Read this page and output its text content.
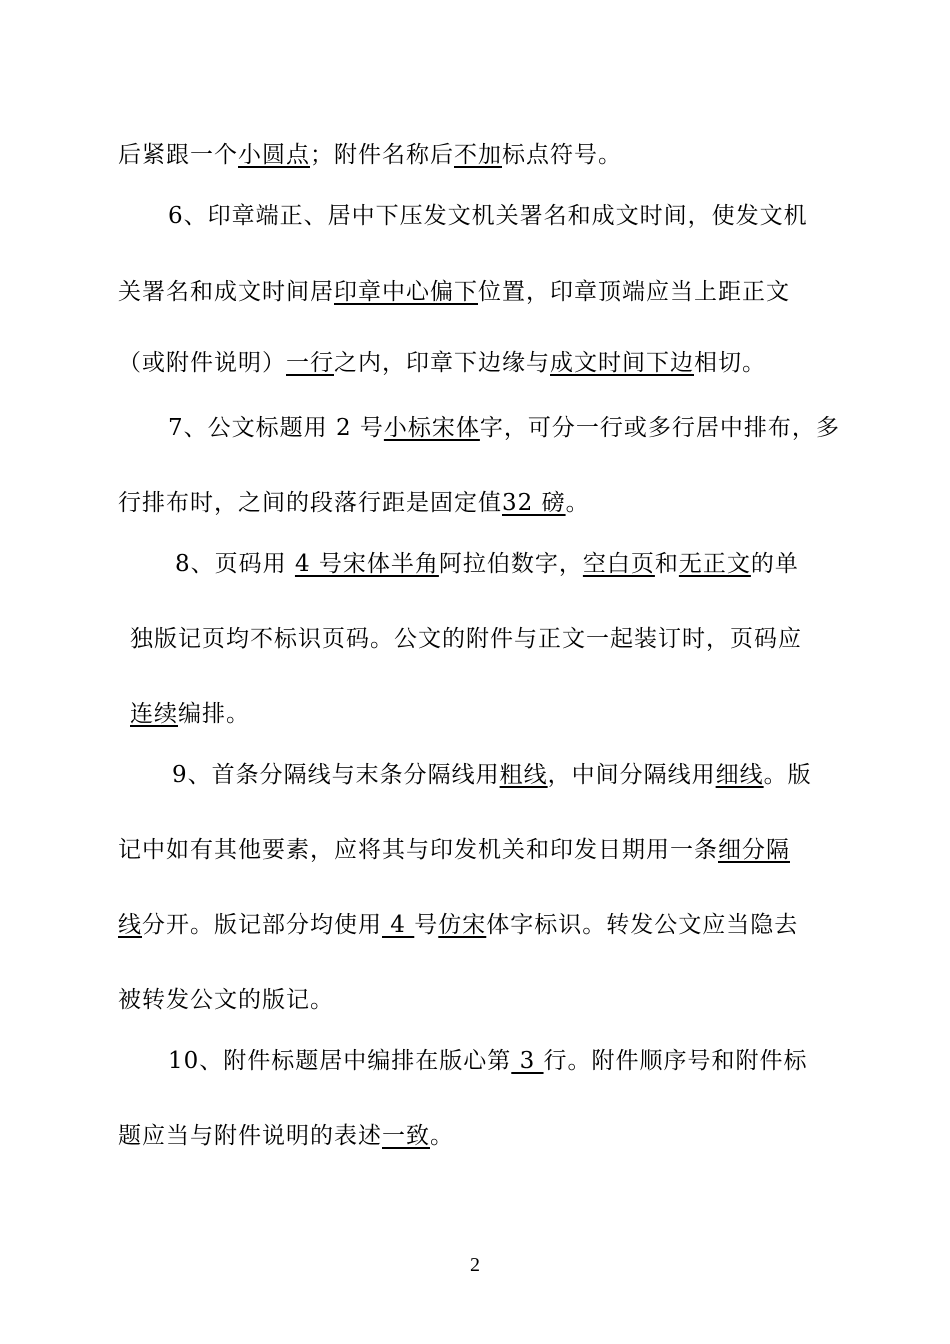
后紧跟一个小圆点；附件名称后不加标点符号。
6、印章端正、居中下压发文机关署名和成文时间，使发文机
关署名和成文时间居印章中心偏下位置，印章顶端应当上距正文
（或附件说明）一行之内，印章下边缘与成文时间下边相切。
7、公文标题用 2 号小标宋体字，可分一行或多行居中排布，多
行排布时，之间的段落行距是固定值32 磅。
8、页码用 4 号宋体半角阿拉伯数字，空白页和无正文的单
独版记页均不标识页码。公文的附件与正文一起装订时，页码应
连续编排。
9、首条分隔线与末条分隔线用粗线，中间分隔线用细线。版
记中如有其他要素，应将其与印发机关和印发日期用一条细分隔
线分开。版记部分均使用 4 号仿宋体字标识。转发公文应当隐去
被转发公文的版记。
10、附件标题居中编排在版心第 3 行。附件顺序号和附件标
题应当与附件说明的表述一致。
2
